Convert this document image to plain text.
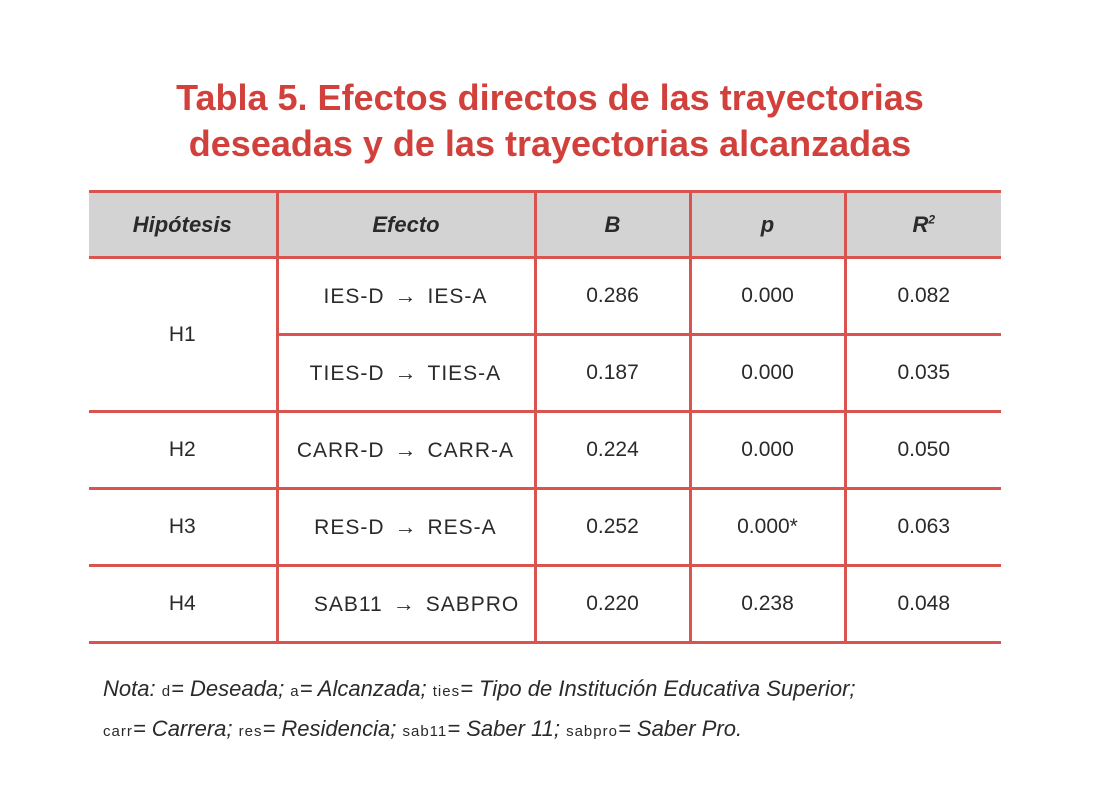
Tabla 5. Efectos directos de las trayectorias
deseadas y de las trayectorias alcanzadas
Hipótesis	Efecto	B	p	$R^2$
H1	IES-D → IES-A	0.286	0.000	0.082
	TIES-D → TIES-A	0.187	0.000	0.035
H2	CARR-D → CARR-A	0.224	0.000	0.050
H3	RES-D → RES-A	0.252	0.000*	0.063
H4	SAB11 → SABPRO	0.220	0.238	0.048
Nota: d= Deseada; a= Alcanzada; ties= Tipo de Institución Educativa Superior;
carr= Carrera; res= Residencia; sab11= Saber 11; sabpro= Saber Pro.
